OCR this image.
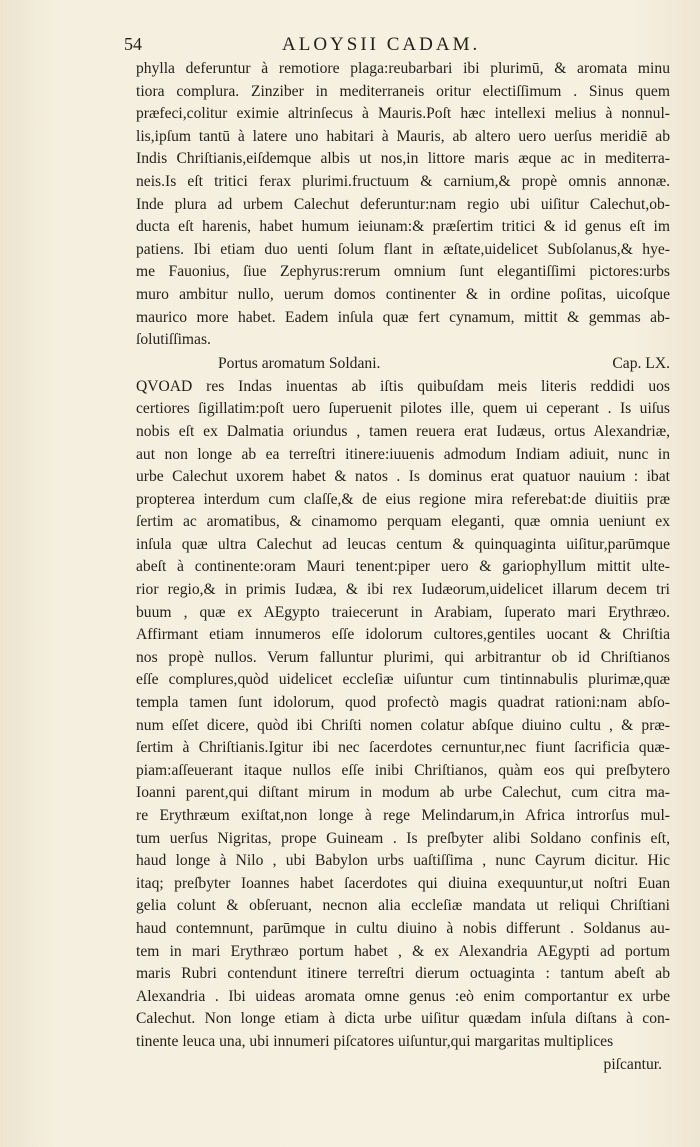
54	ALOYSII CADAM.
phylla deferuntur à remotiore plaga:reubarbari ibi plurimū, & aromata minu
tiora complura. Zinziber in mediterraneis oritur electiſſimum . Sinus quem
præfeci,colitur eximie altrinſecus à Mauris.Poſt hæc intellexi melius à nonnul-
lis,ipſum tantū à latere uno habitari à Mauris, ab altero uero uerſus meridiē ab
Indis Chriſtianis,eiſdemque albis ut nos,in littore maris æque ac in mediterra-
neis.Is eſt tritici ferax plurimi.fructuum & carnium,& propè omnis annonæ.
Inde plura ad urbem Calechut deferuntur:nam regio ubi uiſitur Calechut,ob-
ducta eſt harenis, habet humum ieiunam:& præſertim tritici & id genus eſt im
patiens. Ibi etiam duo uenti ſolum flant in æſtate,uidelicet Subſolanus,& hye-
me Fauonius, ſiue Zephyrus:rerum omnium ſunt elegantiſſimi pictores:urbs
muro ambitur nullo, uerum domos continenter & in ordine poſitas, uicoſque
maurico more habet. Eadem inſula quæ fert cynamum, mittit & gemmas ab-
ſolutiſſimas.
Portus aromatum Soldani.	Cap. LX.
QVOAD res Indas inuentas ab iſtis quibuſdam meis literis reddidi uos
certiores ſigillatim:poſt uero ſuperuenit pilotes ille, quem ui ceperant . Is uiſus
nobis eſt ex Dalmatia oriundus , tamen reuera erat Iudæus, ortus Alexandriæ,
aut non longe ab ea terreſtri itinere:iuuenis admodum Indiam adiuit, nunc in
urbe Calechut uxorem habet & natos . Is dominus erat quatuor nauium : ibat
propterea interdum cum claſſe,& de eius regione mira referebat:de diuitiis præ
ſertim ac aromatibus, & cinamomo perquam eleganti, quæ omnia ueniunt ex
inſula quæ ultra Calechut ad leucas centum & quinquaginta uiſitur,parūmque
abeſt à continente:oram Mauri tenent:piper uero & gariophyllum mittit ulte-
rior regio,& in primis Iudæa, & ibi rex Iudæorum,uidelicet illarum decem tri
buum , quæ ex AEgypto traiecerunt in Arabiam, ſuperato mari Erythræo.
Affirmant etiam innumeros eſſe idolorum cultores,gentiles uocant & Chriſtia
nos propè nullos. Verum falluntur plurimi, qui arbitrantur ob id Chriſtianos
eſſe complures,quòd uidelicet eccleſiæ uiſuntur cum tintinnabulis plurimæ,quæ
templa tamen ſunt idolorum, quod profectò magis quadrat rationi:nam abſo-
num eſſet dicere, quòd ibi Chriſti nomen colatur abſque diuino cultu , & præ-
ſertim à Chriſtianis.Igitur ibi nec ſacerdotes cernuntur,nec fiunt ſacrificia quæ-
piam:aſſeuerant itaque nullos eſſe inibi Chriſtianos, quàm eos qui preſbytero
Ioanni parent,qui diſtant mirum in modum ab urbe Calechut, cum citra ma-
re Erythræum exiſtat,non longe à rege Melindarum,in Africa introrſus mul-
tum uerſus Nigritas, prope Guineam . Is preſbyter alibi Soldano confinis eſt,
haud longe à Nilo , ubi Babylon urbs uaſtiſſima , nunc Cayrum dicitur. Hic
itaq; preſbyter Ioannes habet ſacerdotes qui diuina exequuntur,ut noſtri Euan
gelia colunt & obſeruant, necnon alia eccleſiæ mandata ut reliqui Chriſtiani
haud contemnunt, parūmque in cultu diuino à nobis differunt . Soldanus au-
tem in mari Erythræo portum habet , & ex Alexandria AEgypti ad portum
maris Rubri contendunt itinere terreſtri dierum octuaginta : tantum abeſt ab
Alexandria . Ibi uideas aromata omne genus :eò enim comportantur ex urbe
Calechut. Non longe etiam à dicta urbe uiſitur quædam inſula diſtans à con-
tinente leuca una, ubi innumeri piſcatores uiſuntur,qui margaritas multiplices
piſcantur.
